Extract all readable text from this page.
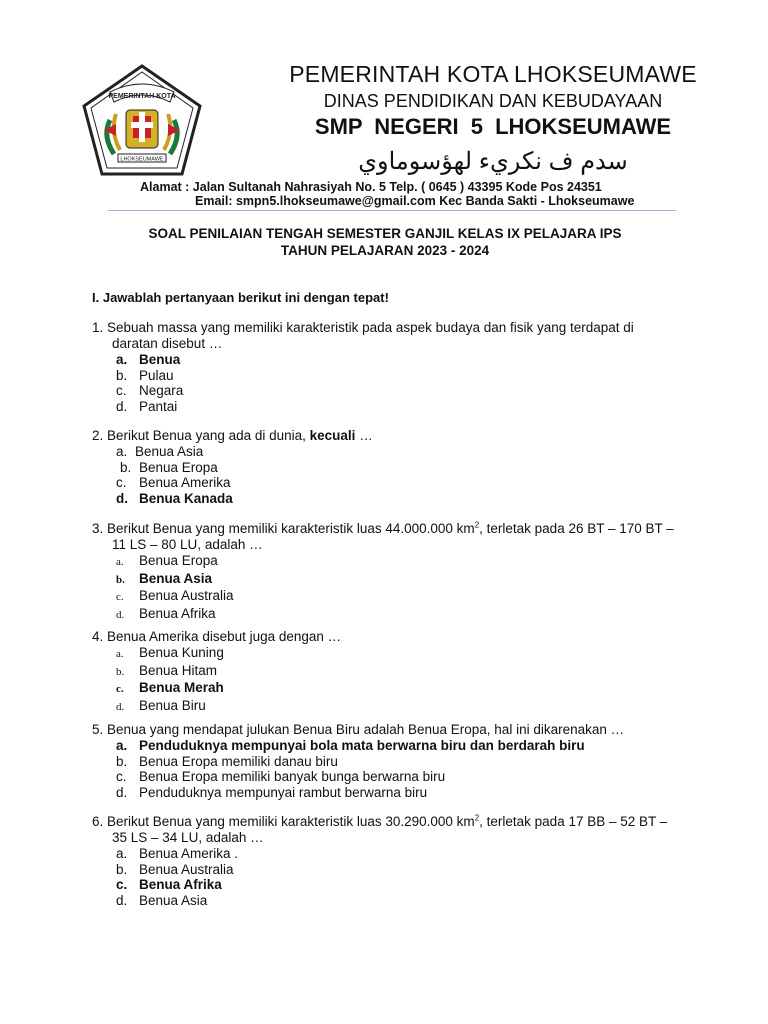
PEMERINTAH KOTA
LHOKSEUMAWE
PEMERINTAH KOTA LHOKSEUMAWE
DINAS PENDIDIKAN DAN KEBUDAYAAN
SMP NEGERI 5 LHOKSEUMAWE
سدم ف نكريء لهؤسوماوي
Alamat : Jalan Sultanah Nahrasiyah No. 5 Telp. ( 0645 ) 43395 Kode Pos 24351
Email: smpn5.lhokseumawe@gmail.com Kec Banda Sakti - Lhokseumawe
SOAL PENILAIAN TENGAH SEMESTER GANJIL KELAS IX PELAJARA IPS
TAHUN PELAJARAN 2023 - 2024
I. Jawablah pertanyaan berikut ini dengan tepat!
1. Sebuah massa yang memiliki karakteristik pada aspek budaya dan fisik yang terdapat di daratan disebut …
a. Benua
b. Pulau
c. Negara
d. Pantai
2. Berikut Benua yang ada di dunia, kecuali …
a. Benua Asia
b. Benua Eropa
c. Benua Amerika
d. Benua Kanada
3. Berikut Benua yang memiliki karakteristik luas 44.000.000 $km^2$, terletak pada 26 BT – 170 BT – 11 LS – 80 LU, adalah …
a.	Benua Eropa
b.	Benua Asia
c.	Benua Australia
d.	Benua Afrika
4. Benua Amerika disebut juga dengan …
a.	Benua Kuning
b.	Benua Hitam
c.	Benua Merah
d.	Benua Biru
5. Benua yang mendapat julukan Benua Biru adalah Benua Eropa, hal ini dikarenakan …
a. Penduduknya mempunyai bola mata berwarna biru dan berdarah biru
b. Benua Eropa memiliki danau biru
c. Benua Eropa memiliki banyak bunga berwarna biru
d. Penduduknya mempunyai rambut berwarna biru
6. Berikut Benua yang memiliki karakteristik luas 30.290.000 $km^2$, terletak pada 17 BB – 52 BT – 35 LS – 34 LU, adalah …
a. Benua Amerika .
b. Benua Australia
c. Benua Afrika
d. Benua Asia
